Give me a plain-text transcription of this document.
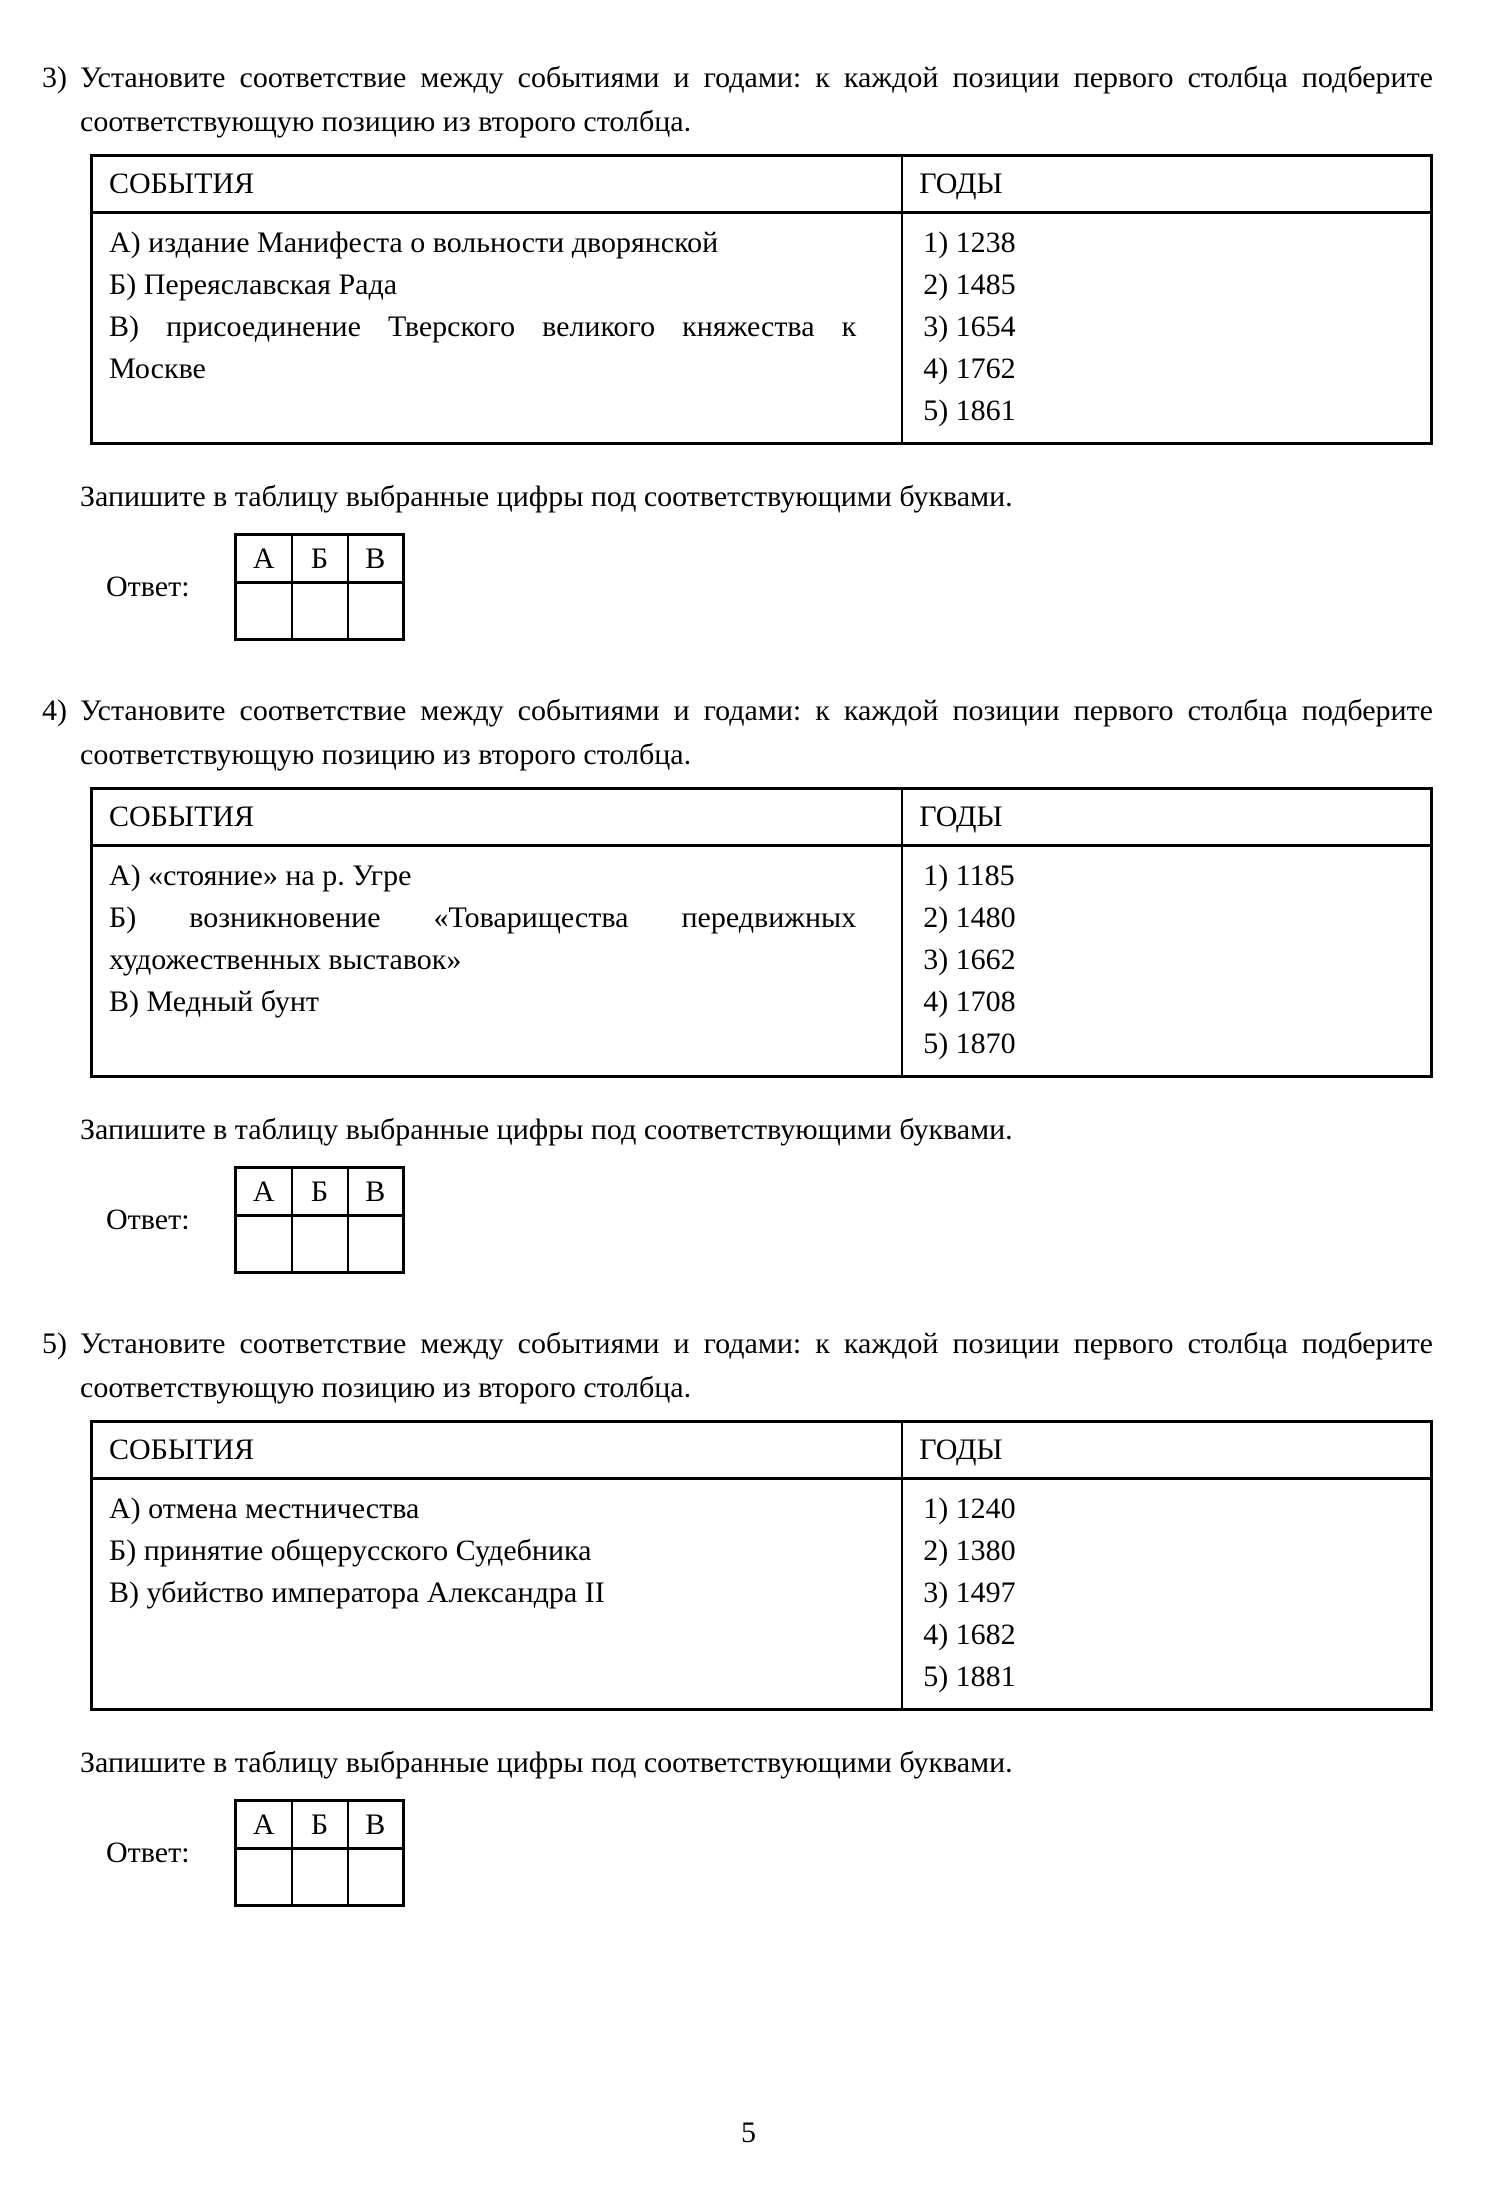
3) Установите соответствие между событиями и годами: к каждой позиции первого столбца подберите соответствующую позицию из второго столбца.

СОБЫТИЯ	ГОДЫ

А) издание Манифеста о вольности дворянской
Б) Переяславская Рада
В) присоединение Тверского великого княжества к Москве

1) 1238
2) 1485
3) 1654
4) 1762
5) 1861

Запишите в таблицу выбранные цифры под соответствующими буквами.

Ответ:
А	Б	В

4) Установите соответствие между событиями и годами: к каждой позиции первого столбца подберите соответствующую позицию из второго столбца.

СОБЫТИЯ	ГОДЫ

А) «стояние» на р. Угре
Б) возникновение «Товарищества передвижных художественных выставок»
В) Медный бунт

1) 1185
2) 1480
3) 1662
4) 1708
5) 1870

Запишите в таблицу выбранные цифры под соответствующими буквами.

Ответ:
А	Б	В

5) Установите соответствие между событиями и годами: к каждой позиции первого столбца подберите соответствующую позицию из второго столбца.

СОБЫТИЯ	ГОДЫ

А) отмена местничества
Б) принятие общерусского Судебника
В) убийство императора Александра II

1) 1240
2) 1380
3) 1497
4) 1682
5) 1881

Запишите в таблицу выбранные цифры под соответствующими буквами.

Ответ:
А	Б	В

5
